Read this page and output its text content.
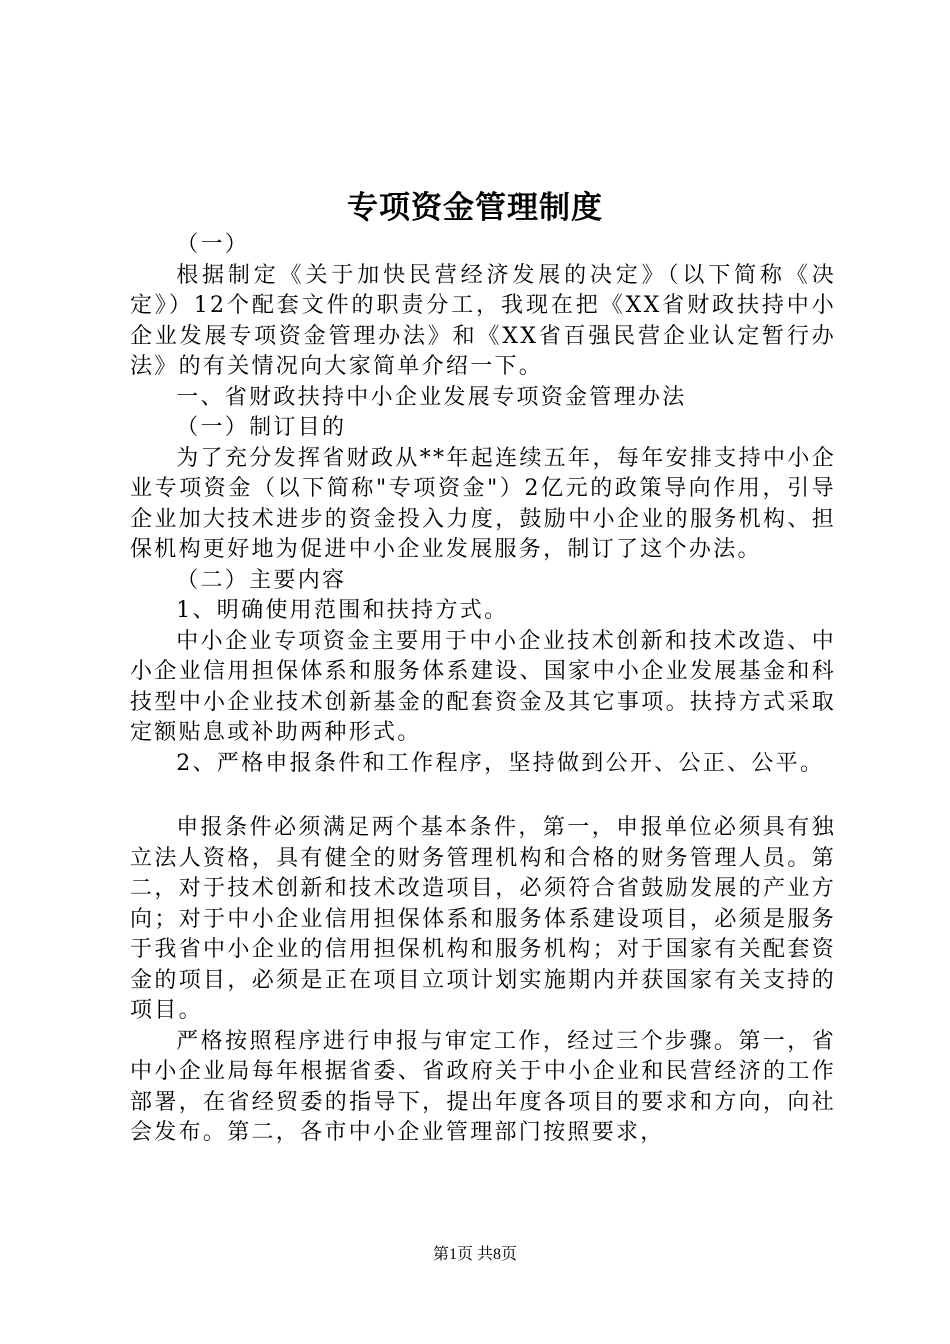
专项资金管理制度

（一）

根据制定《关于加快民营经济发展的决定》（以下简称《决定》）12个配套文件的职责分工，我现在把《XX省财政扶持中小企业发展专项资金管理办法》和《XX省百强民营企业认定暂行办法》的有关情况向大家简单介绍一下。

一、省财政扶持中小企业发展专项资金管理办法

（一）制订目的

为了充分发挥省财政从**年起连续五年，每年安排支持中小企业专项资金（以下简称"专项资金"）2亿元的政策导向作用，引导企业加大技术进步的资金投入力度，鼓励中小企业的服务机构、担保机构更好地为促进中小企业发展服务，制订了这个办法。

（二）主要内容

1、明确使用范围和扶持方式。

中小企业专项资金主要用于中小企业技术创新和技术改造、中小企业信用担保体系和服务体系建设、国家中小企业发展基金和科技型中小企业技术创新基金的配套资金及其它事项。扶持方式采取定额贴息或补助两种形式。

2、严格申报条件和工作程序，坚持做到公开、公正、公平。

申报条件必须满足两个基本条件，第一，申报单位必须具有独立法人资格，具有健全的财务管理机构和合格的财务管理人员。第二，对于技术创新和技术改造项目，必须符合省鼓励发展的产业方向；对于中小企业信用担保体系和服务体系建设项目，必须是服务于我省中小企业的信用担保机构和服务机构；对于国家有关配套资金的项目，必须是正在项目立项计划实施期内并获国家有关支持的项目。

严格按照程序进行申报与审定工作，经过三个步骤。第一，省中小企业局每年根据省委、省政府关于中小企业和民营经济的工作部署，在省经贸委的指导下，提出年度各项目的要求和方向，向社会发布。第二，各市中小企业管理部门按照要求，

第1页 共8页
